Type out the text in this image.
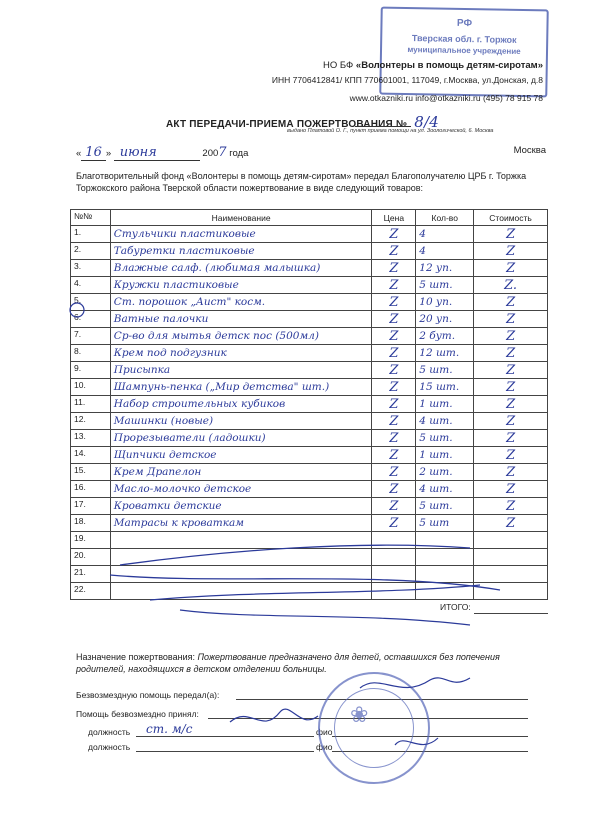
РФ
Тверская обл. г. Торжок
муниципальное учреждение
НО БФ «Волонтеры в помощь детям-сиротам»
ИНН 7706412841/ КПП 770601001, 117049, г.Москва, ул.Донская, д.8
www.otkazniki.ru info@otkazniki.ru (495) 78 915 78
АКТ ПЕРЕДАЧИ-ПРИЕМА ПОЖЕРТВОВАНИЯ № 8/4
выдано Платовой О. Г., пункт приема помощи на ул. Зоологической, 6. Москва
« 16 » июня	2007 года	Москва
Благотворительный фонд «Волонтеры в помощь детям-сиротам» передал Благополучателю ЦРБ г. Торжка Торжокского района Тверской области пожертвование в виде следующий товаров:
№№	Наименование	Цена	Кол-во	Стоимость
1.	Стульчики пластиковые	Z	4	Z
2.	Табуретки пластиковые	Z	4	Z
3.	Влажные салф. (любимая малышка)	Z	12 уп.	Z
4.	Кружки пластиковые	Z	5 шт.	Z.
5.	Ст. порошок „Аист" косм.	Z	10 уп.	Z
6.	Ватные палочки	Z	20 уп.	Z
7.	Ср-во для мытья детск пос (500мл)	Z	2 бут.	Z
8.	Крем под подгузник	Z	12 шт.	Z
9.	Присыпка	Z	5 шт.	Z
10.	Шампунь-пенка („Мир детства" шт.)	Z	15 шт.	Z
11.	Набор строительных кубиков	Z	1 шт.	Z
12.	Машинки (новые)	Z	4 шт.	Z
13.	Прорезыватели (ладошки)	Z	5 шт.	Z
14.	Щипчики детское	Z	1 шт.	Z
15.	Крем Драпелон	Z	2 шт.	Z
16.	Масло-молочко детское	Z	4 шт.	Z
17.	Кроватки детские	Z	5 шт.	Z
18.	Матрасы к кроваткам	Z	5 шт	Z
19.				
20.				
21.				
22.				
ИТОГО:				
Назначение пожертвования: Пожертвование предназначено для детей, оставшихся без попечения родителей, находящихся в детском отделении больницы.
Безвозмездную помощь передал(а):
Помощь безвозмездно принял:
должность ст. м/с	фио
должность	фио
❀
